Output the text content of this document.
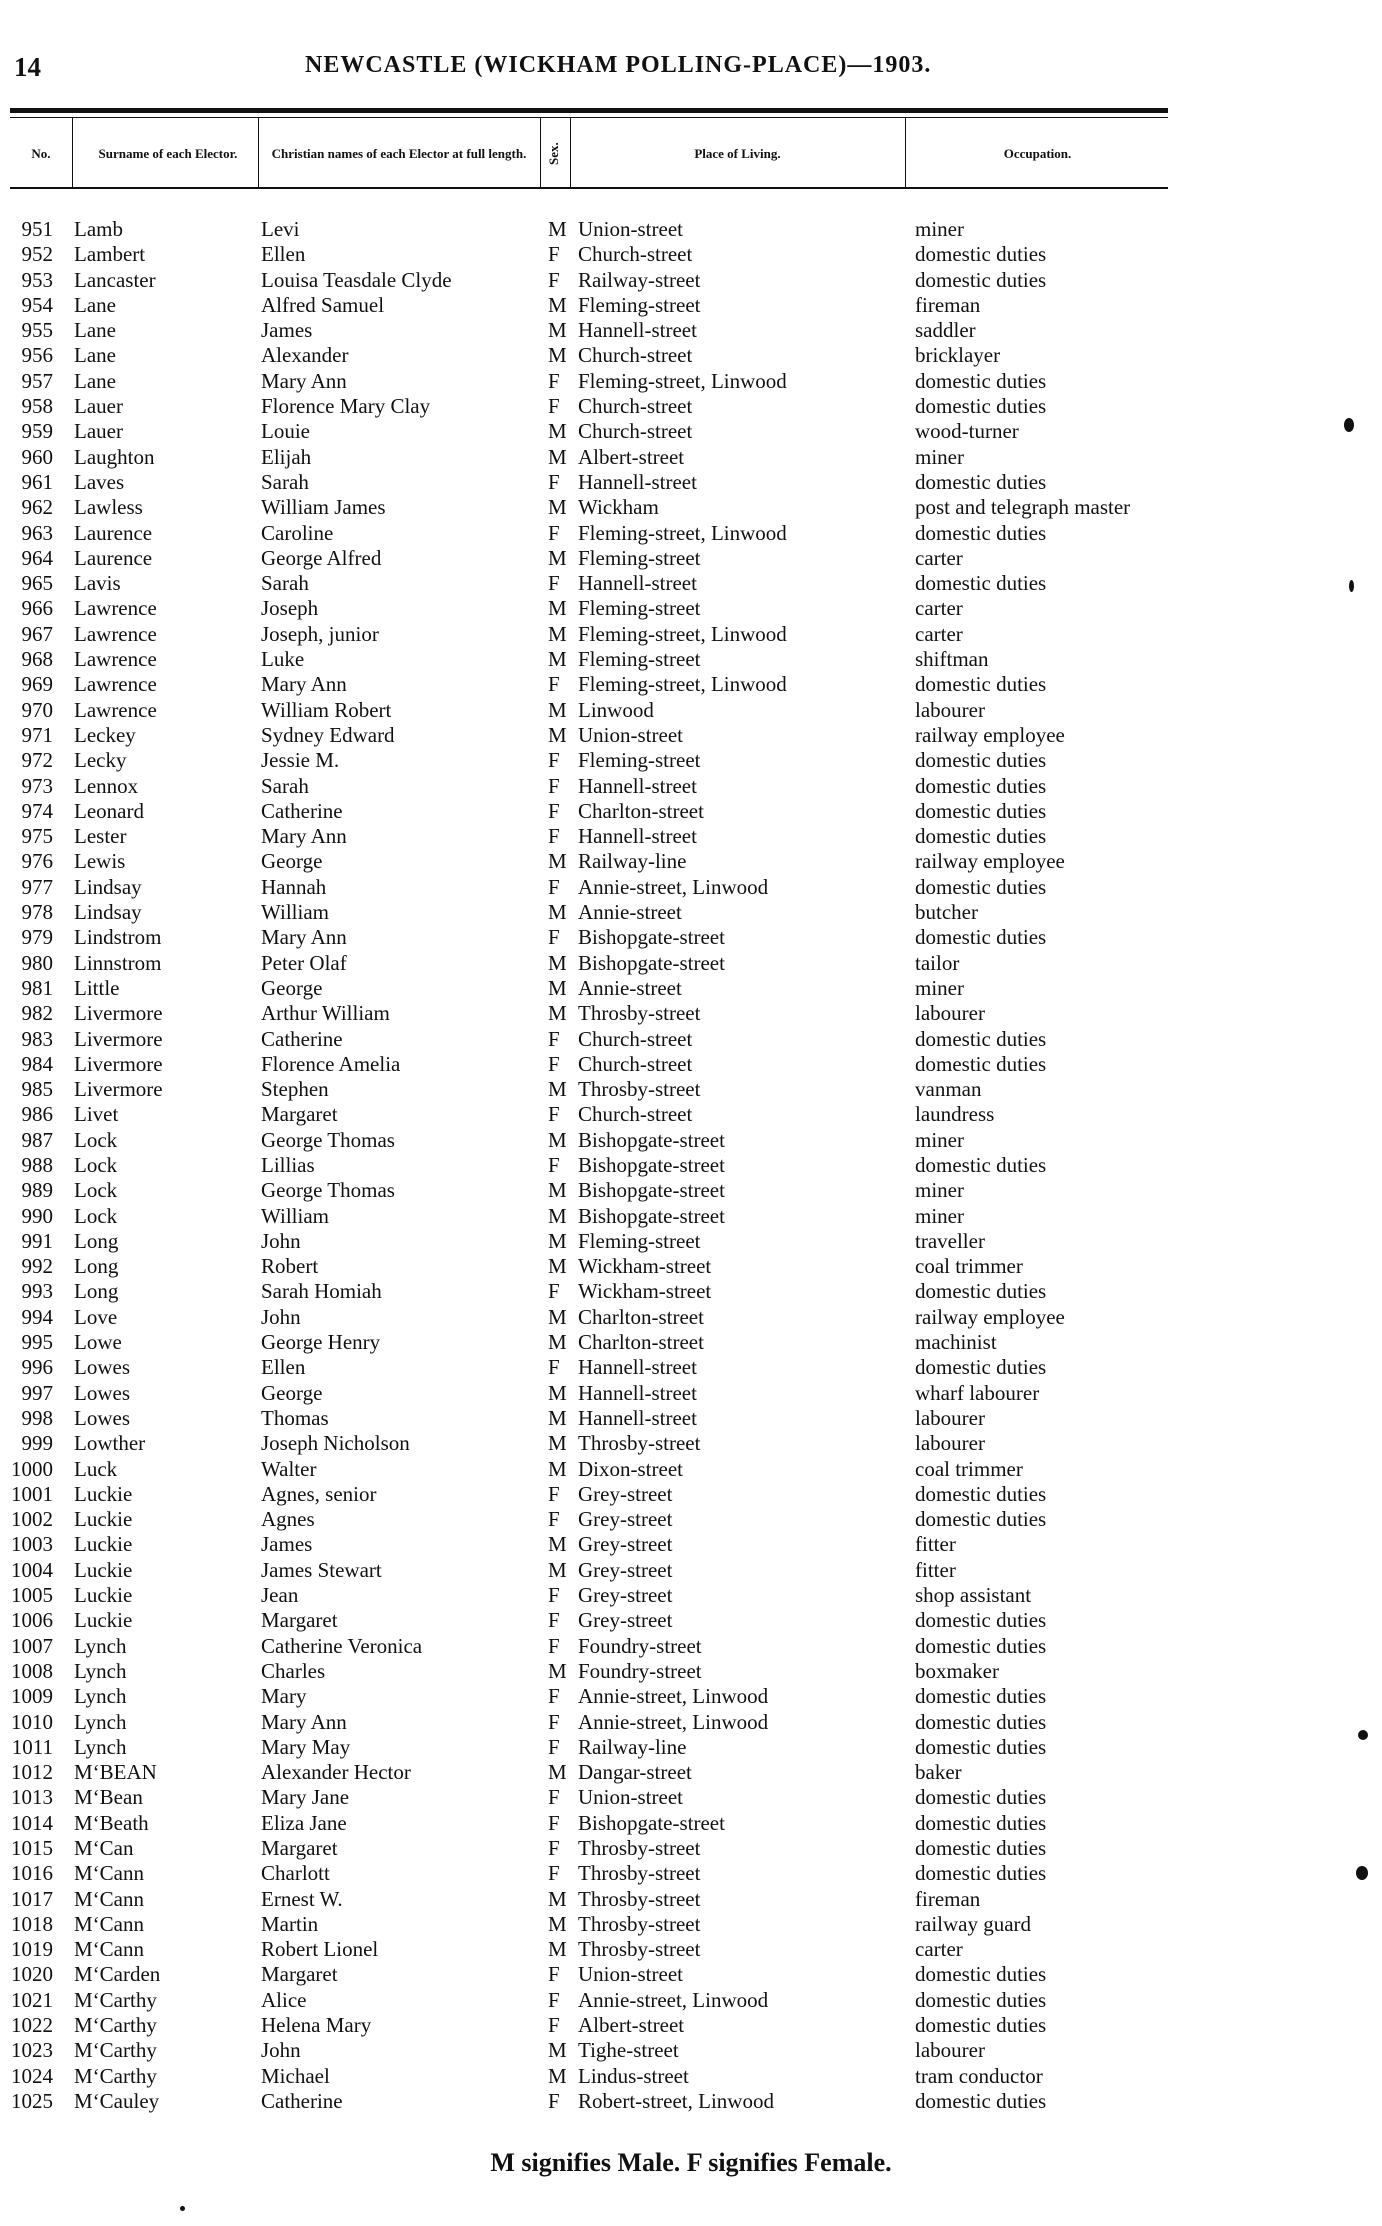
14	NEWCASTLE (WICKHAM POLLING-PLACE)—1903.
No.	Surname of each Elector.	Christian names of each Elector at full length.	Sex.	Place of Living.	Occupation.
951 Lamb	Levi	M Union-street	miner
952 Lambert	Ellen	F Church-street	domestic duties
953 Lancaster	Louisa Teasdale Clyde	F Railway-street	domestic duties
954 Lane	Alfred Samuel	M Fleming-street	fireman
955 Lane	James	M Hannell-street	saddler
956 Lane	Alexander	M Church-street	bricklayer
957 Lane	Mary Ann	F Fleming-street, Linwood	domestic duties
958 Lauer	Florence Mary Clay	F Church-street	domestic duties
959 Lauer	Louie	M Church-street	wood-turner
960 Laughton	Elijah	M Albert-street	miner
961 Laves	Sarah	F Hannell-street	domestic duties
962 Lawless	William James	M Wickham	post and telegraph master
963 Laurence	Caroline	F Fleming-street, Linwood	domestic duties
964 Laurence	George Alfred	M Fleming-street	carter
965 Lavis	Sarah	F Hannell-street	domestic duties
966 Lawrence	Joseph	M Fleming-street	carter
967 Lawrence	Joseph, junior	M Fleming-street, Linwood	carter
968 Lawrence	Luke	M Fleming-street	shiftman
969 Lawrence	Mary Ann	F Fleming-street, Linwood	domestic duties
970 Lawrence	William Robert	M Linwood	labourer
971 Leckey	Sydney Edward	M Union-street	railway employee
972 Lecky	Jessie M.	F Fleming-street	domestic duties
973 Lennox	Sarah	F Hannell-street	domestic duties
974 Leonard	Catherine	F Charlton-street	domestic duties
975 Lester	Mary Ann	F Hannell-street	domestic duties
976 Lewis	George	M Railway-line	railway employee
977 Lindsay	Hannah	F Annie-street, Linwood	domestic duties
978 Lindsay	William	M Annie-street	butcher
979 Lindstrom	Mary Ann	F Bishopgate-street	domestic duties
980 Linnstrom	Peter Olaf	M Bishopgate-street	tailor
981 Little	George	M Annie-street	miner
982 Livermore	Arthur William	M Throsby-street	labourer
983 Livermore	Catherine	F Church-street	domestic duties
984 Livermore	Florence Amelia	F Church-street	domestic duties
985 Livermore	Stephen	M Throsby-street	vanman
986 Livet	Margaret	F Church-street	laundress
987 Lock	George Thomas	M Bishopgate-street	miner
988 Lock	Lillias	F Bishopgate-street	domestic duties
989 Lock	George Thomas	M Bishopgate-street	miner
990 Lock	William	M Bishopgate-street	miner
991 Long	John	M Fleming-street	traveller
992 Long	Robert	M Wickham-street	coal trimmer
993 Long	Sarah Homiah	F Wickham-street	domestic duties
994 Love	John	M Charlton-street	railway employee
995 Lowe	George Henry	M Charlton-street	machinist
996 Lowes	Ellen	F Hannell-street	domestic duties
997 Lowes	George	M Hannell-street	wharf labourer
998 Lowes	Thomas	M Hannell-street	labourer
999 Lowther	Joseph Nicholson	M Throsby-street	labourer
1000 Luck	Walter	M Dixon-street	coal trimmer
1001 Luckie	Agnes, senior	F Grey-street	domestic duties
1002 Luckie	Agnes	F Grey-street	domestic duties
1003 Luckie	James	M Grey-street	fitter
1004 Luckie	James Stewart	M Grey-street	fitter
1005 Luckie	Jean	F Grey-street	shop assistant
1006 Luckie	Margaret	F Grey-street	domestic duties
1007 Lynch	Catherine Veronica	F Foundry-street	domestic duties
1008 Lynch	Charles	M Foundry-street	boxmaker
1009 Lynch	Mary	F Annie-street, Linwood	domestic duties
1010 Lynch	Mary Ann	F Annie-street, Linwood	domestic duties
1011 Lynch	Mary May	F Railway-line	domestic duties
1012 M‘BEAN	Alexander Hector	M Dangar-street	baker
1013 M‘Bean	Mary Jane	F Union-street	domestic duties
1014 M‘Beath	Eliza Jane	F Bishopgate-street	domestic duties
1015 M‘Can	Margaret	F Throsby-street	domestic duties
1016 M‘Cann	Charlott	F Throsby-street	domestic duties
1017 M‘Cann	Ernest W.	M Throsby-street	fireman
1018 M‘Cann	Martin	M Throsby-street	railway guard
1019 M‘Cann	Robert Lionel	M Throsby-street	carter
1020 M‘Carden	Margaret	F Union-street	domestic duties
1021 M‘Carthy	Alice	F Annie-street, Linwood	domestic duties
1022 M‘Carthy	Helena Mary	F Albert-street	domestic duties
1023 M‘Carthy	John	M Tighe-street	labourer
1024 M‘Carthy	Michael	M Lindus-street	tram conductor
1025 M‘Cauley	Catherine	F Robert-street, Linwood	domestic duties
M signifies Male. F signifies Female.
